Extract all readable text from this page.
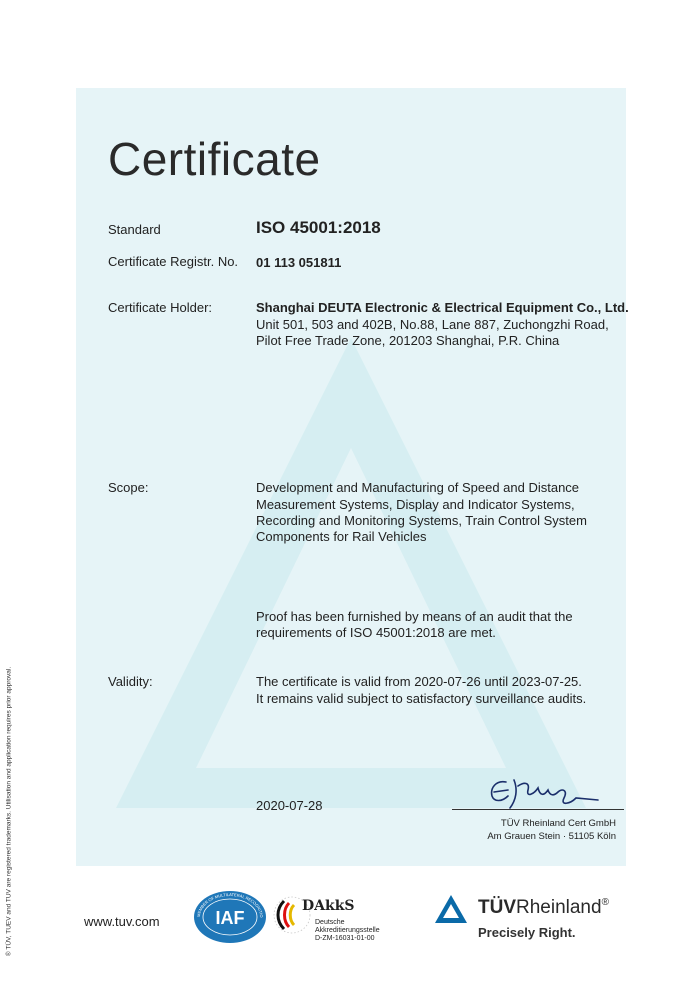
Certificate
Standard	ISO 45001:2018
Certificate Registr. No. 01 113 051811
Certificate Holder:	Shanghai DEUTA Electronic & Electrical Equipment Co., Ltd.
Unit 501, 503 and 402B, No.88, Lane 887, Zuchongzhi Road,
Pilot Free Trade Zone, 201203 Shanghai, P.R. China
Scope:	Development and Manufacturing of Speed and Distance
Measurement Systems, Display and Indicator Systems,
Recording and Monitoring Systems, Train Control System
Components for Rail Vehicles
Proof has been furnished by means of an audit that the
requirements of ISO 45001:2018 are met.
Validity:	The certificate is valid from 2020-07-26 until 2023-07-25.
It remains valid subject to satisfactory surveillance audits.
2020-07-28
TÜV Rheinland Cert GmbH
Am Grauen Stein · 51105 Köln
® TÜV, TUEV and TUV are registered trademarks. Utilisation and application requires prior approval.	www.tuv.com	MEMBER OF MULTILATERAL RECOGNITIO
IAF
DAkkS
Deutsche
Akkreditierungsstelle
D-ZM-16031-01-00
TÜVRheinland®
Precisely Right.
